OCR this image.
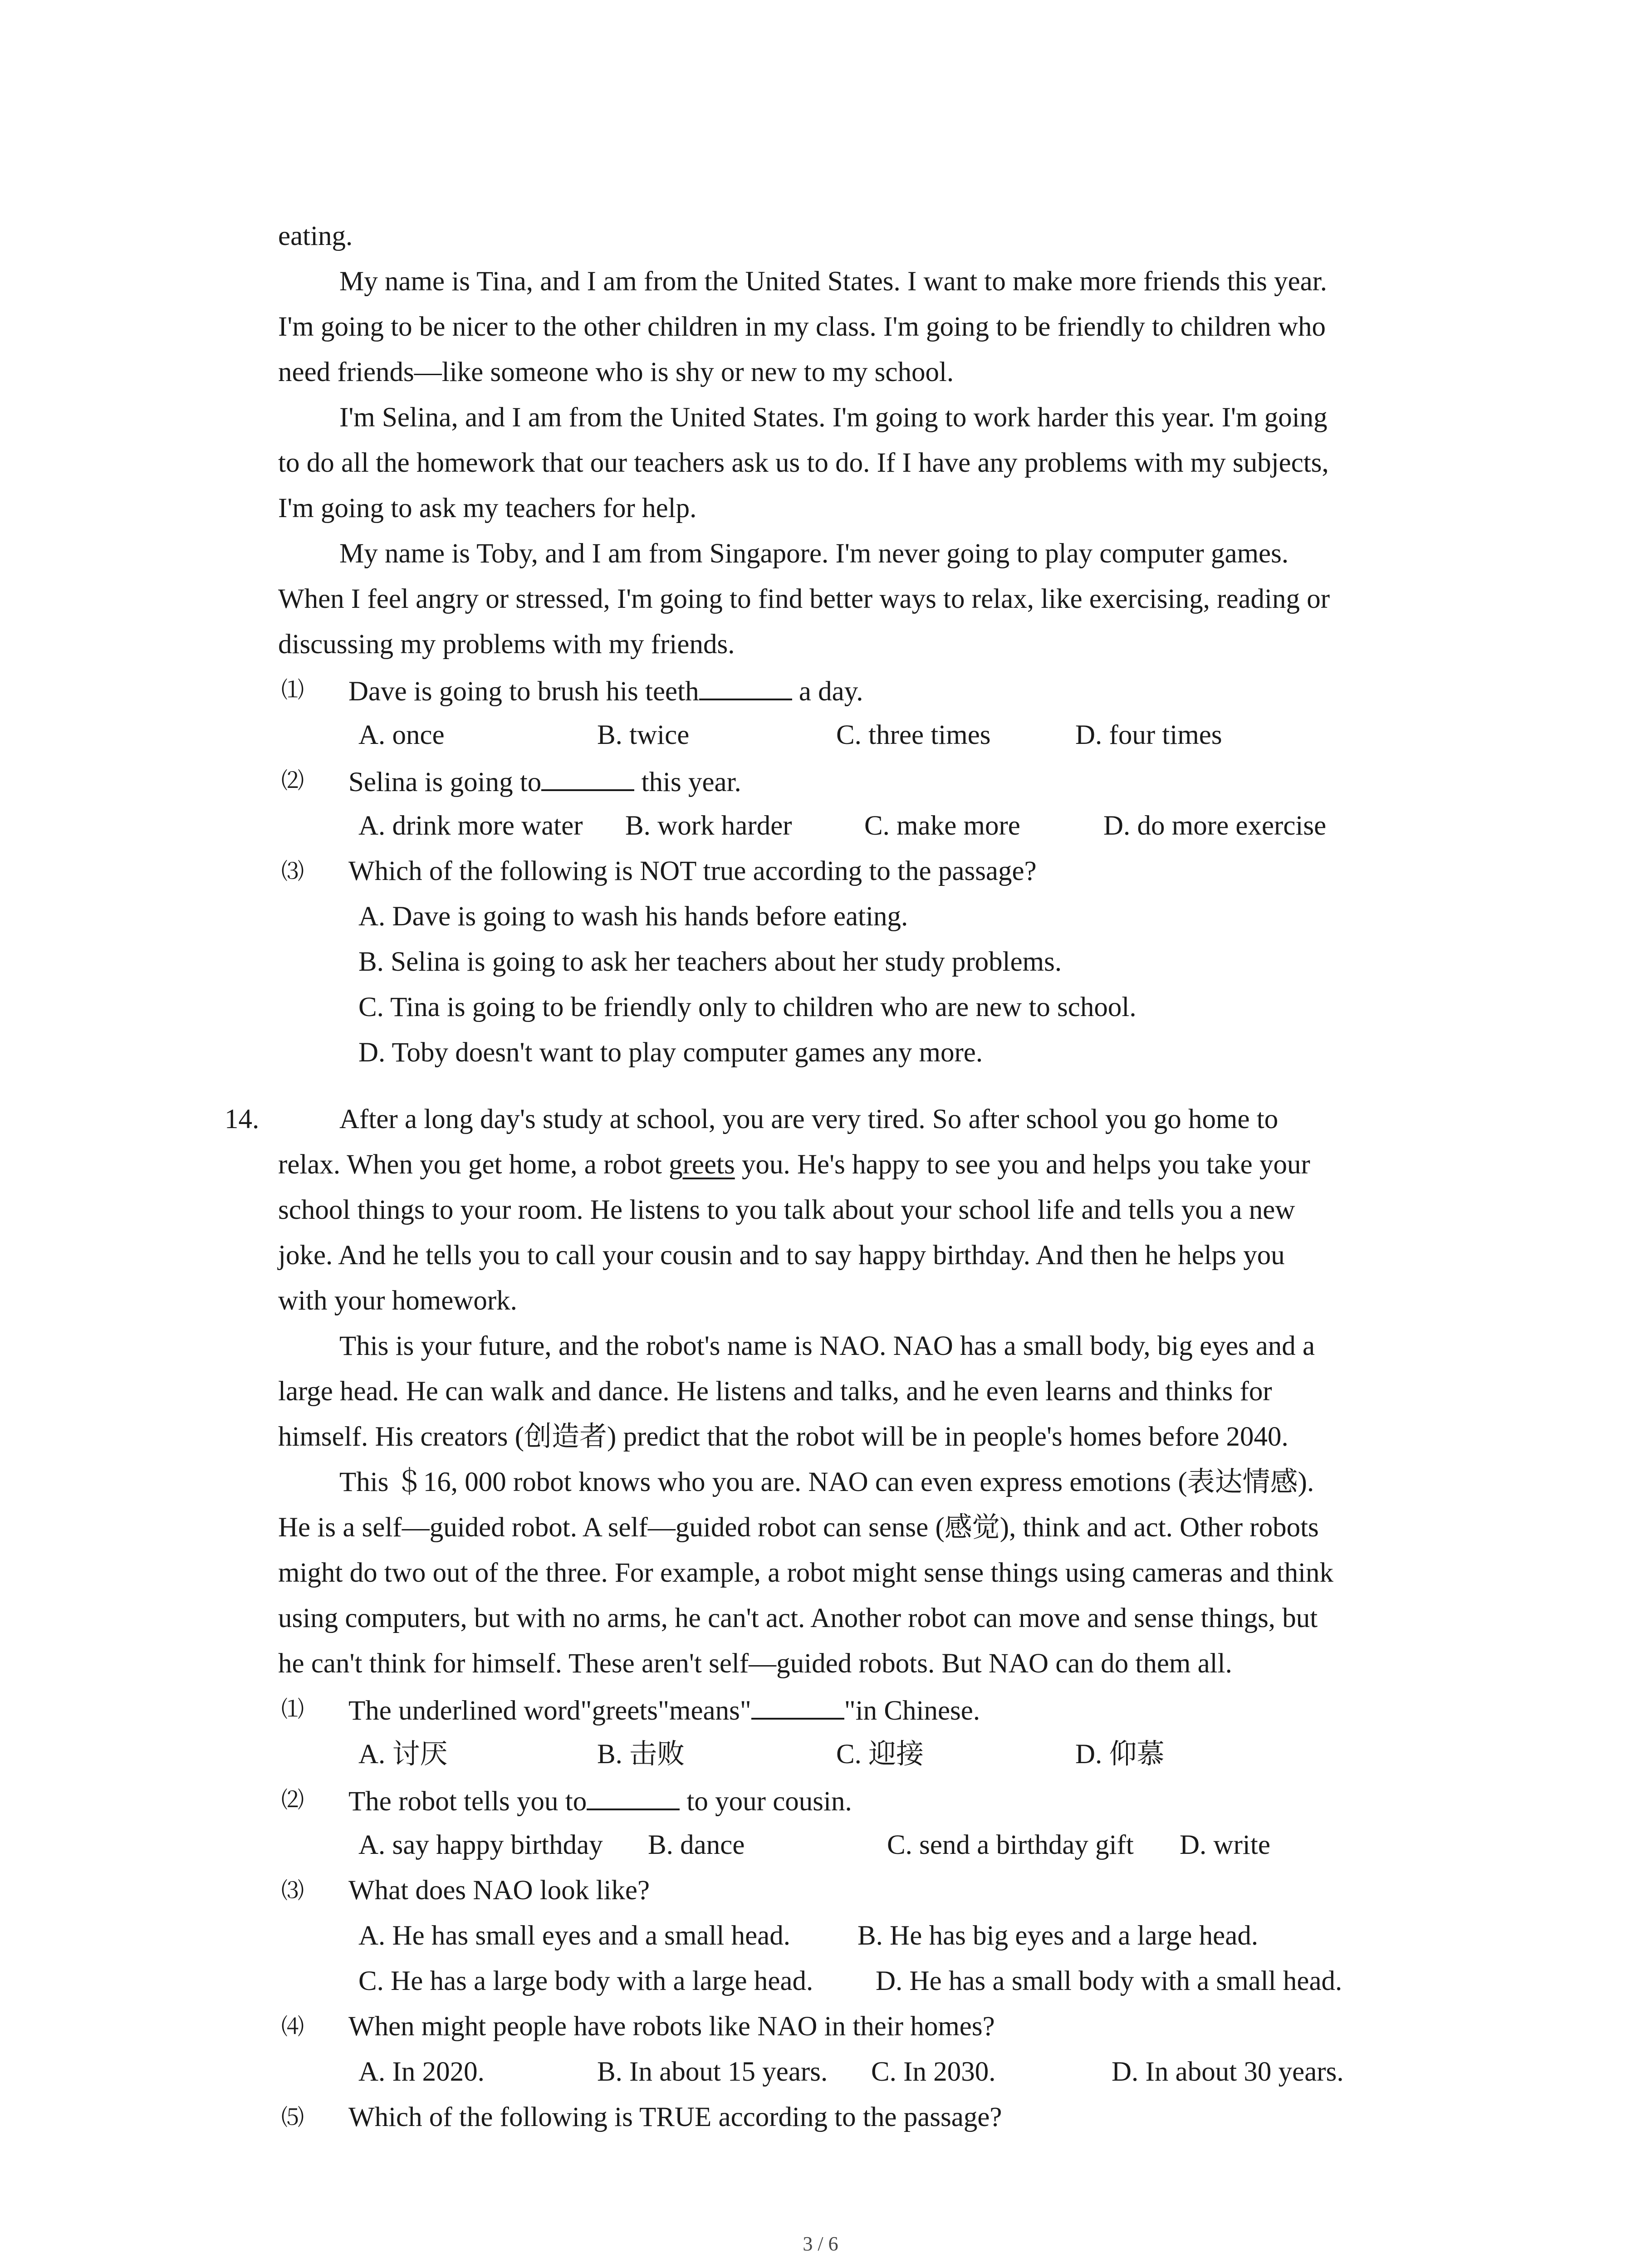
eating.
My name is Tina, and I am from the United States. I want to make more friends this year.
I'm going to be nicer to the other children in my class. I'm going to be friendly to children who
need friends—like someone who is shy or new to my school.
I'm Selina, and I am from the United States. I'm going to work harder this year. I'm going
to do all the homework that our teachers ask us to do. If I have any problems with my subjects,
I'm going to ask my teachers for help.
My name is Toby, and I am from Singapore. I'm never going to play computer games.
When I feel angry or stressed, I'm going to find better ways to relax, like exercising, reading or
discussing my problems with my friends.
⑴ Dave is going to brush his teeth	a day.
A. once	B. twice	C. three times	D. four times
⑵ Selina is going to	this year.
A. drink more water B. work harder	C. make more	D. do more exercise
⑶ Which of the following is NOT true according to the passage?
A. Dave is going to wash his hands before eating.
B. Selina is going to ask her teachers about her study problems.
C. Tina is going to be friendly only to children who are new to school.
D. Toby doesn't want to play computer games any more.
14.	After a long day's study at school, you are very tired. So after school you go home to
relax. When you get home, a robot greets you. He's happy to see you and helps you take your
school things to your room. He listens to you talk about your school life and tells you a new
joke. And he tells you to call your cousin and to say happy birthday. And then he helps you
with your homework.
This is your future, and the robot's name is NAO. NAO has a small body, big eyes and a
large head. He can walk and dance. He listens and talks, and he even learns and thinks for
himself. His creators (创造者) predict that the robot will be in people's homes before 2040.
This ＄16, 000 robot knows who you are. NAO can even express emotions (表达情感).
He is a self—guided robot. A self—guided robot can sense (感觉), think and act. Other robots
might do two out of the three. For example, a robot might sense things using cameras and think
using computers, but with no arms, he can't act. Another robot can move and sense things, but
he can't think for himself. These aren't self—guided robots. But NAO can do them all.
⑴ The underlined word"greets"means"	"in Chinese.
A. 讨厌	B. 击败	C. 迎接	D. 仰慕
⑵ The robot tells you to	to your cousin.
A. say happy birthday B. dance	C. send a birthday gift D. write
⑶ What does NAO look like?
A. He has small eyes and a small head. B. He has big eyes and a large head.
C. He has a large body with a large head. D. He has a small body with a small head.
⑷ When might people have robots like NAO in their homes?
A. In 2020.	B. In about 15 years. C. In 2030.	D. In about 30 years.
⑸ Which of the following is TRUE according to the passage?
3 / 6
